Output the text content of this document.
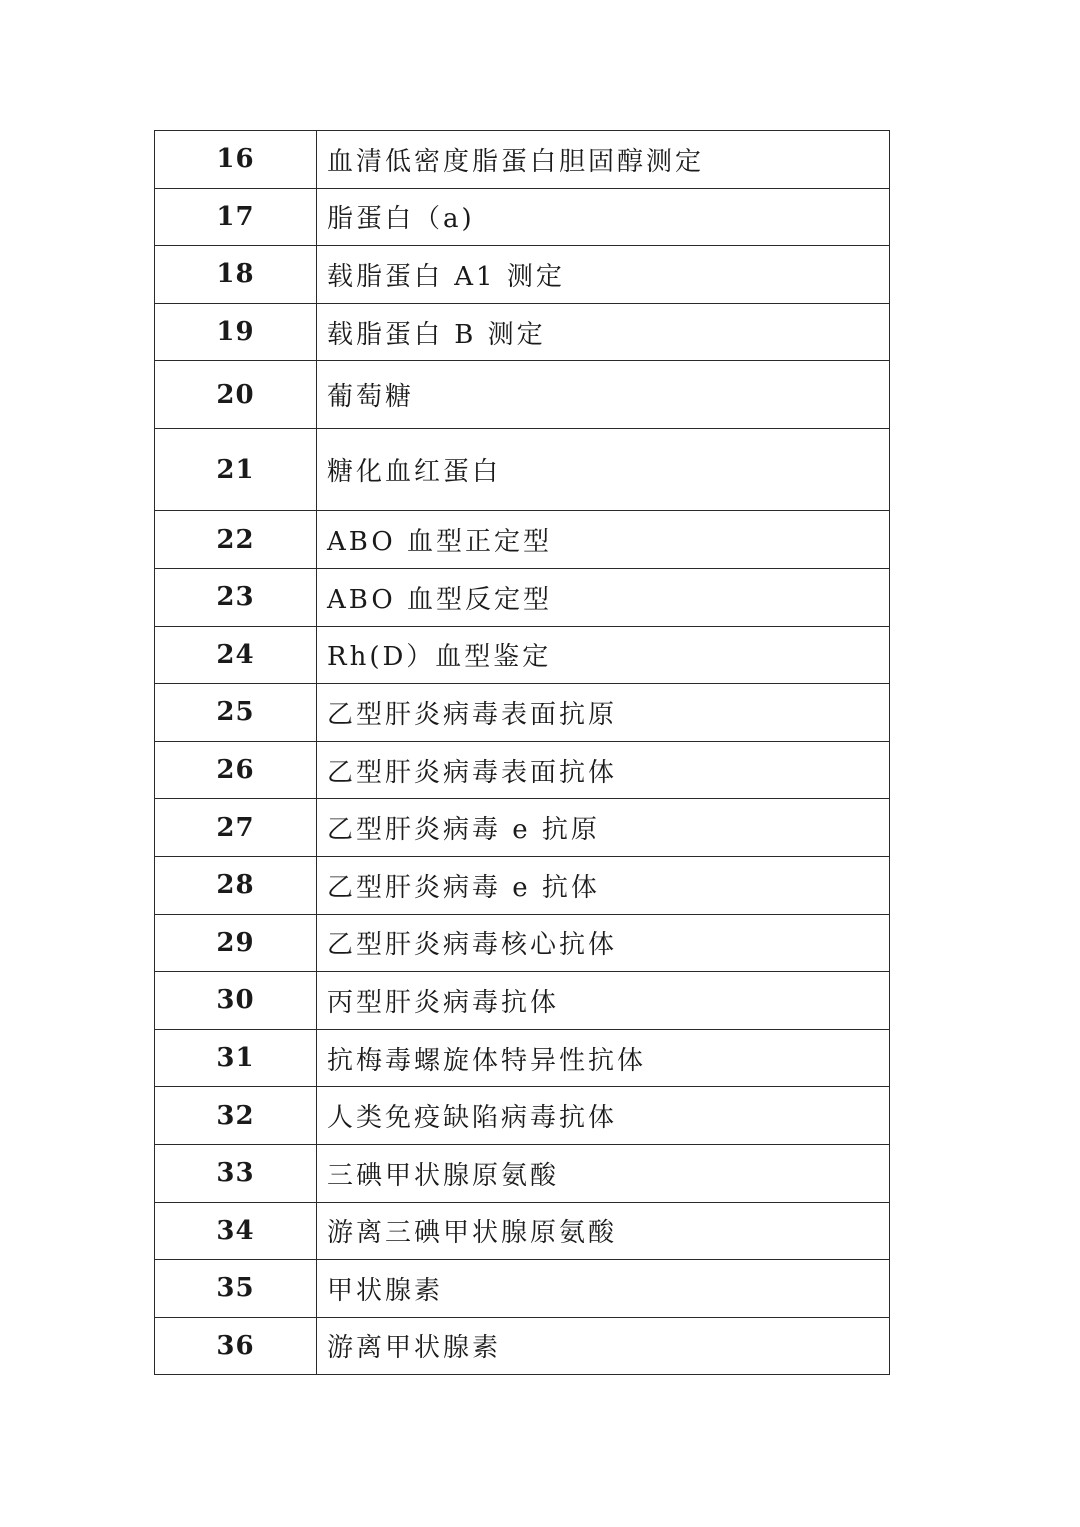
16	血清低密度脂蛋白胆固醇测定
17	脂蛋白（a)
18	载脂蛋白 A1 测定
19	载脂蛋白 B 测定
20	葡萄糖
21	糖化血红蛋白
22	ABO 血型正定型
23	ABO 血型反定型
24	Rh(D）血型鉴定
25	乙型肝炎病毒表面抗原
26	乙型肝炎病毒表面抗体
27	乙型肝炎病毒 e 抗原
28	乙型肝炎病毒 e 抗体
29	乙型肝炎病毒核心抗体
30	丙型肝炎病毒抗体
31	抗梅毒螺旋体特异性抗体
32	人类免疫缺陷病毒抗体
33	三碘甲状腺原氨酸
34	游离三碘甲状腺原氨酸
35	甲状腺素
36	游离甲状腺素
